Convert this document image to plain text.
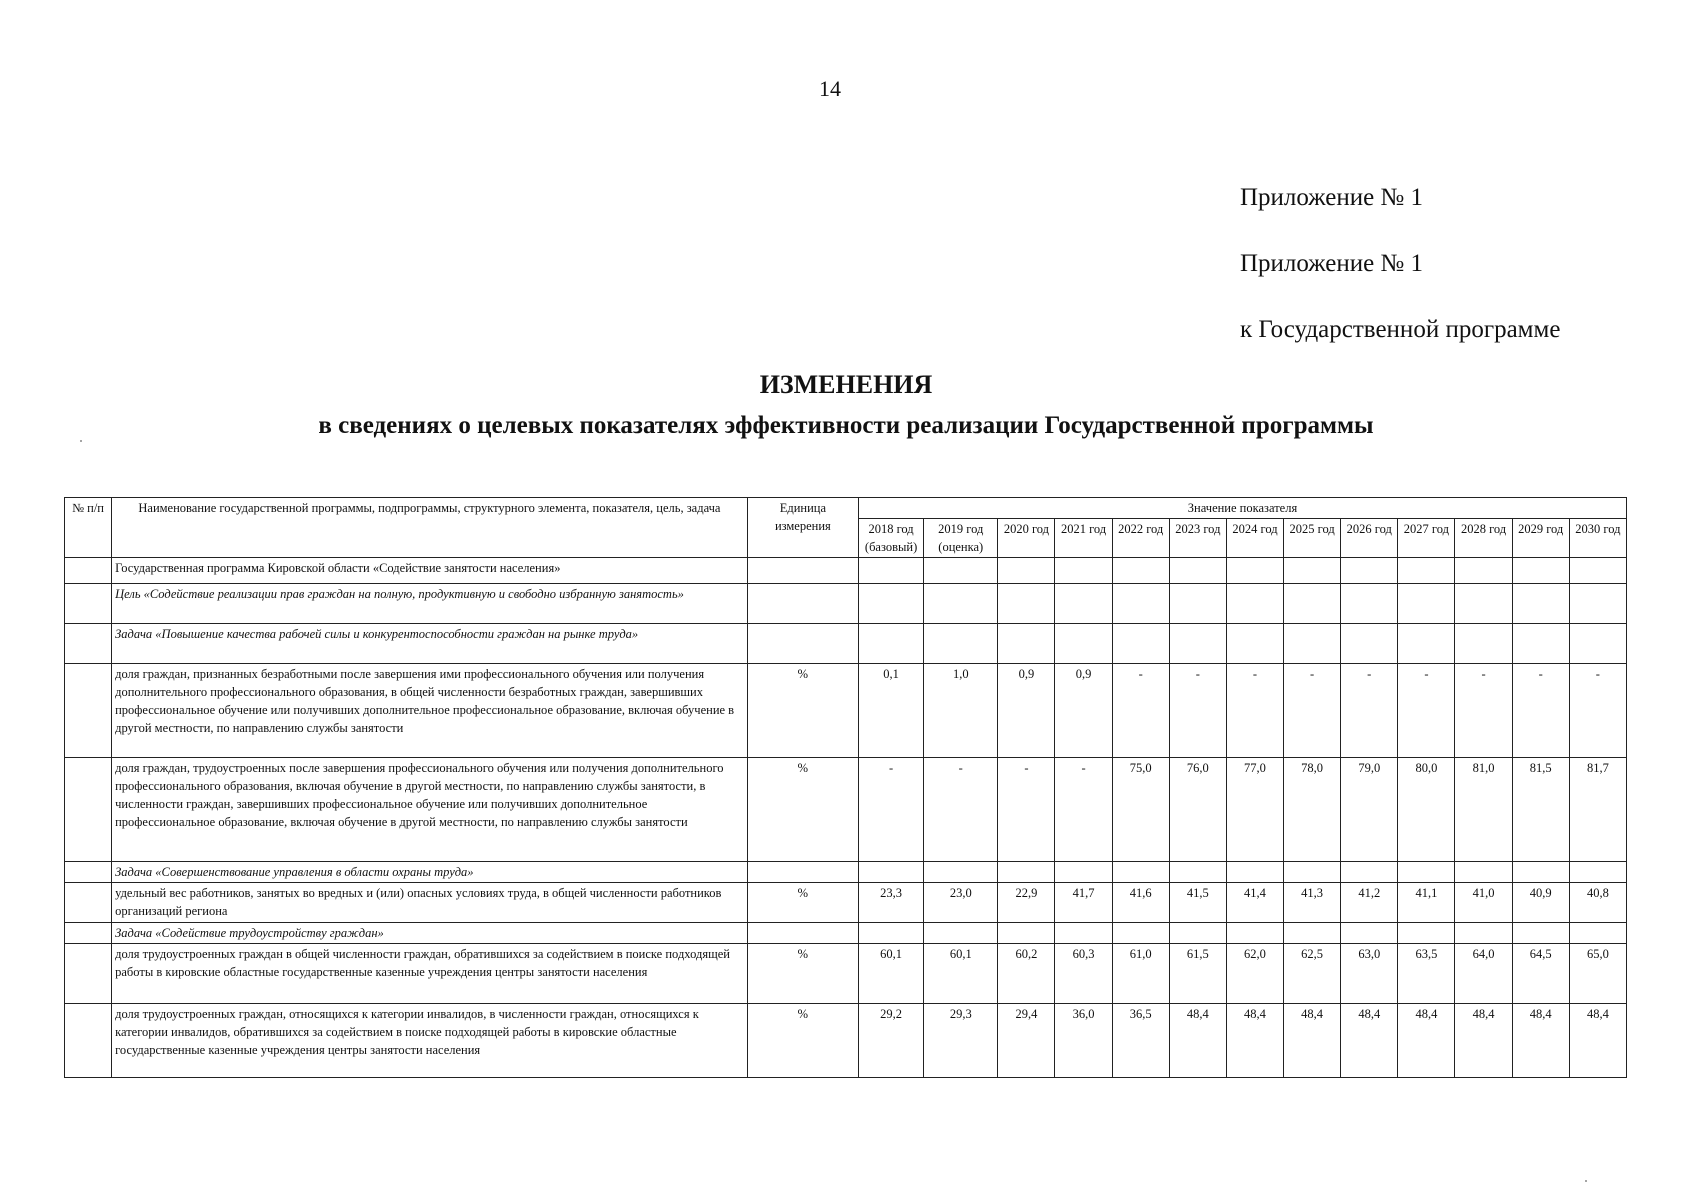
14
Приложение № 1
Приложение № 1
к Государственной программе
ИЗМЕНЕНИЯ
в сведениях о целевых показателях эффективности реализации Государственной программы
№ п/п	Наименование государственной программы, подпрограммы, структурного элемента, показателя, цель, задача	Единица измерения	Значение показателя												
			2018 год (базовый)	2019 год (оценка)	2020 год	2021 год	2022 год	2023 год	2024 год	2025 год	2026 год	2027 год	2028 год	2029 год	2030 год
	Государственная программа Кировской области «Содействие занятости населения»														
	Цель «Содействие реализации прав граждан на полную, продуктивную и свободно избранную занятость»														
	Задача «Повышение качества рабочей силы и конкурентоспособности граждан на рынке труда»														
	доля граждан, признанных безработными после завершения ими профессионального обучения или получения дополнительного профессионального образования, в общей численности безработных граждан, завершивших профессиональное обучение или получивших дополнительное профессиональное образование, включая обучение в другой местности, по направлению службы занятости	%	0,1	1,0	0,9	0,9	-	-	-	-	-	-	-	-	-
	доля граждан, трудоустроенных после завершения профессионального обучения или получения дополнительного профессионального образования, включая обучение в другой местности, по направлению службы занятости, в численности граждан, завершивших профессиональное обучение или получивших дополнительное профессиональное образование, включая обучение в другой местности, по направлению службы занятости	%	-	-	-	-	75,0	76,0	77,0	78,0	79,0	80,0	81,0	81,5	81,7
	Задача «Совершенствование управления в области охраны труда»														
	удельный вес работников, занятых во вредных и (или) опасных условиях труда, в общей численности работников организаций региона	%	23,3	23,0	22,9	41,7	41,6	41,5	41,4	41,3	41,2	41,1	41,0	40,9	40,8
	Задача «Содействие трудоустройству граждан»														
	доля трудоустроенных граждан в общей численности граждан, обратившихся за содействием в поиске подходящей работы в кировские областные государственные казенные учреждения центры занятости населения	%	60,1	60,1	60,2	60,3	61,0	61,5	62,0	62,5	63,0	63,5	64,0	64,5	65,0
	доля трудоустроенных граждан, относящихся к категории инвалидов, в численности граждан, относящихся к категории инвалидов, обратившихся за содействием в поиске подходящей работы в кировские областные государственные казенные учреждения центры занятости населения	%	29,2	29,3	29,4	36,0	36,5	48,4	48,4	48,4	48,4	48,4	48,4	48,4	48,4
